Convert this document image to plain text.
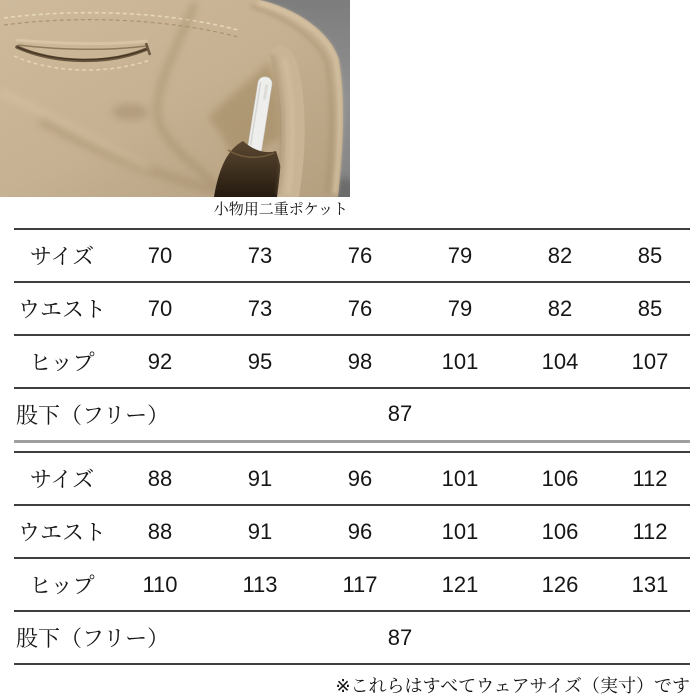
小物用二重ポケット
サイズ	70	73	76	79	82	85
ウエスト	70	73	76	79	82	85
ヒップ	92	95	98	101	104	107
股下（フリー）	87					
サイズ	88	91	96	101	106	112
ウエスト	88	91	96	101	106	112
ヒップ	110	113	117	121	126	131
股下（フリー）	87					
※これらはすべてウェアサイズ（実寸）です
